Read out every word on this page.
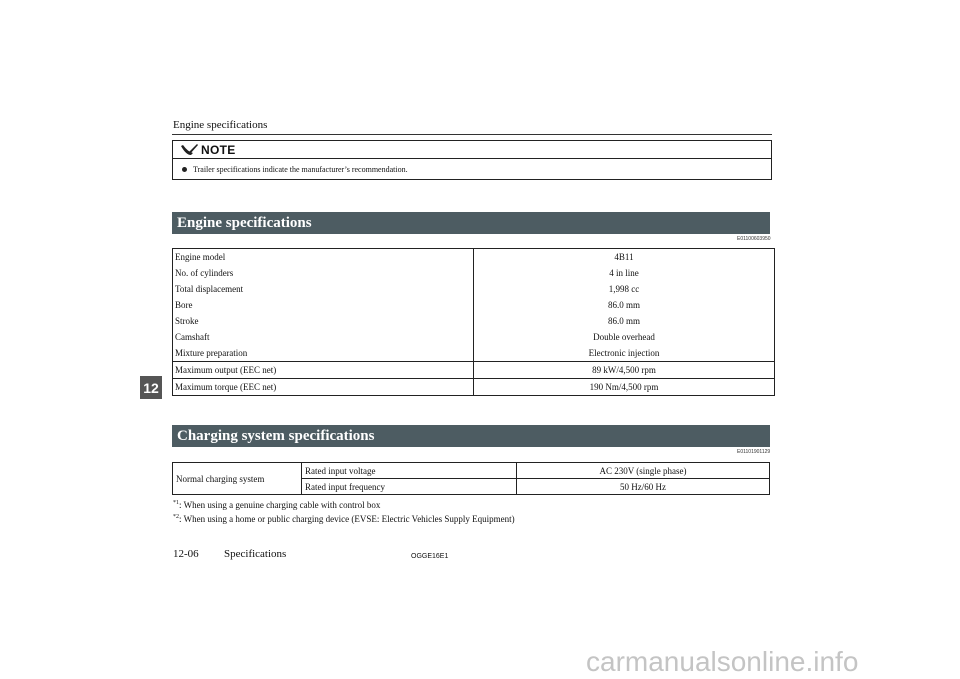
Engine specifications
NOTE
Trailer specifications indicate the manufacturer’s recommendation.
Engine specifications
E01100603950
Engine model	4B11
No. of cylinders	4 in line
Total displacement	1,998 cc
Bore	86.0 mm
Stroke	86.0 mm
Camshaft	Double overhead
Mixture preparation	Electronic injection
Maximum output (EEC net)	89 kW/4,500 rpm
Maximum torque (EEC net)	190 Nm/4,500 rpm
12
Charging system specifications
E01101901129
Normal charging system	Rated input voltage	AC 230V (single phase)
	Rated input frequency	50 Hz/60 Hz
$^{*1}$: When using a genuine charging cable with control box
$^{*2}$: When using a home or public charging device (EVSE: Electric Vehicles Supply Equipment)
12-06 Specifications	OGGE16E1
carmanualsonline.info
